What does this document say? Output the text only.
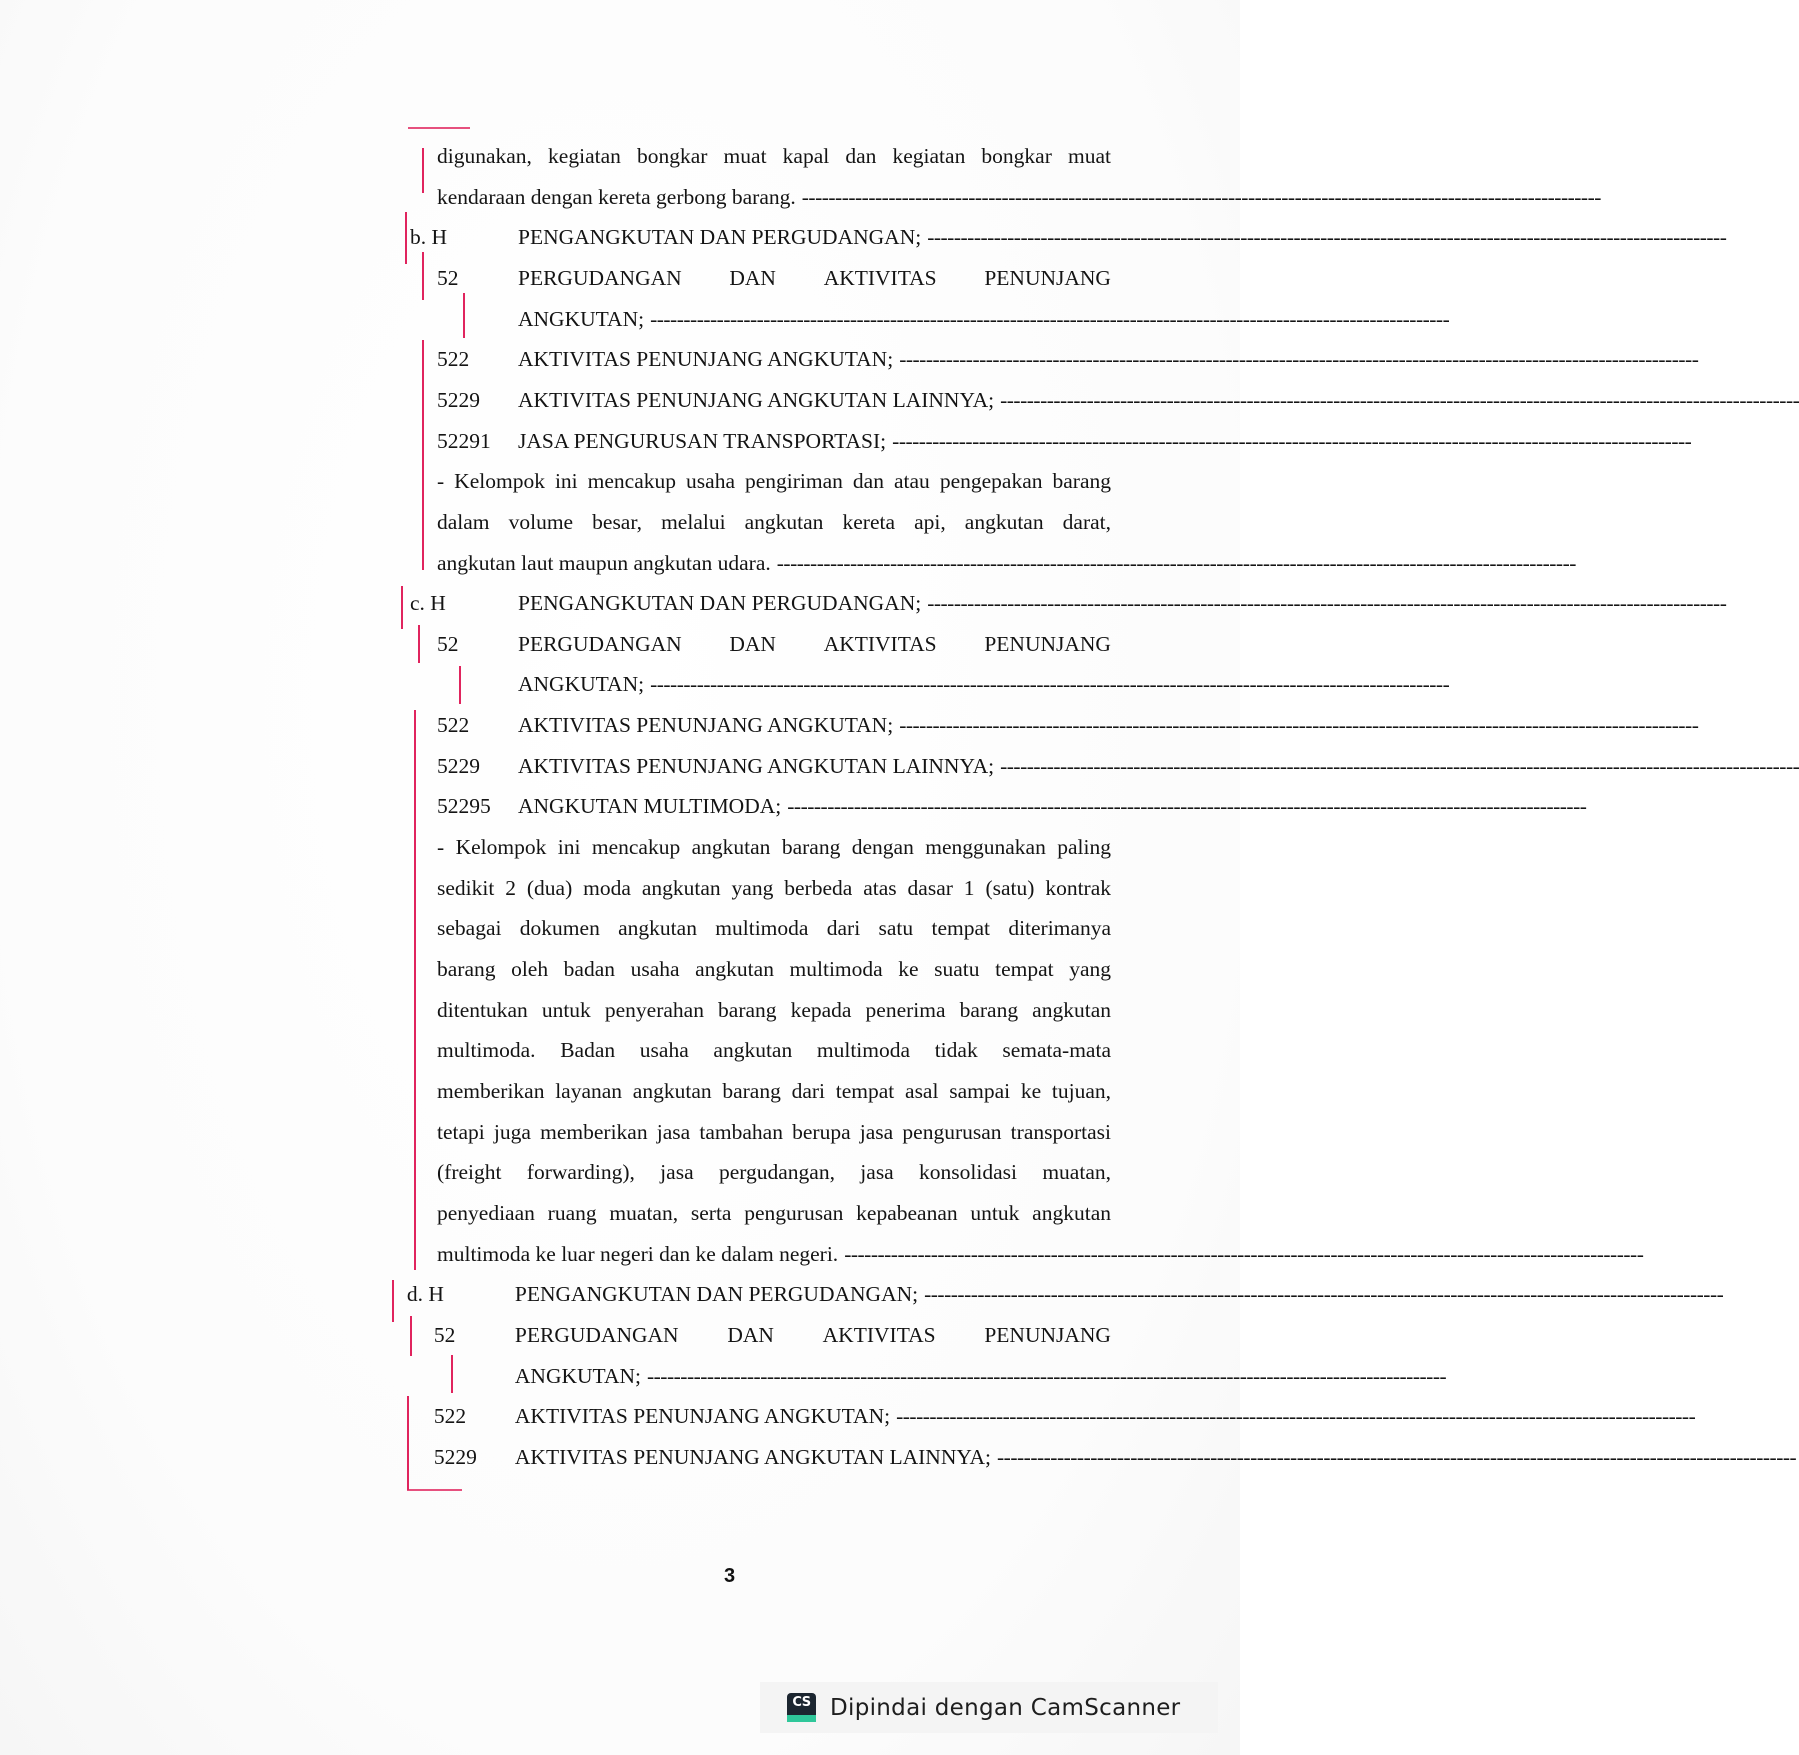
digunakan, kegiatan bongkar muat kapal dan kegiatan bongkar muat
kendaraan dengan kereta gerbong barang. ------------------------------------------------------------------------------------------------------------------------
b. H	PENGANGKUTAN DAN PERGUDANGAN; ------------------------------------------------------------------------------------------------------------------------
52	PERGUDANGAN DAN AKTIVITAS PENUNJANG
ANGKUTAN; ------------------------------------------------------------------------------------------------------------------------
522 AKTIVITAS PENUNJANG ANGKUTAN; ------------------------------------------------------------------------------------------------------------------------
5229 AKTIVITAS PENUNJANG ANGKUTAN LAINNYA; ------------------------------------------------------------------------------------------------------------------------
52291 JASA PENGURUSAN TRANSPORTASI; ------------------------------------------------------------------------------------------------------------------------
- Kelompok ini mencakup usaha pengiriman dan atau pengepakan barang
dalam volume besar, melalui angkutan kereta api, angkutan darat,
angkutan laut maupun angkutan udara. ------------------------------------------------------------------------------------------------------------------------
c. H	PENGANGKUTAN DAN PERGUDANGAN; ------------------------------------------------------------------------------------------------------------------------
52	PERGUDANGAN DAN AKTIVITAS PENUNJANG
ANGKUTAN; ------------------------------------------------------------------------------------------------------------------------
522 AKTIVITAS PENUNJANG ANGKUTAN; ------------------------------------------------------------------------------------------------------------------------
5229 AKTIVITAS PENUNJANG ANGKUTAN LAINNYA; ------------------------------------------------------------------------------------------------------------------------
52295 ANGKUTAN MULTIMODA; ------------------------------------------------------------------------------------------------------------------------
- Kelompok ini mencakup angkutan barang dengan menggunakan paling
sedikit 2 (dua) moda angkutan yang berbeda atas dasar 1 (satu) kontrak
sebagai dokumen angkutan multimoda dari satu tempat diterimanya
barang oleh badan usaha angkutan multimoda ke suatu tempat yang
ditentukan untuk penyerahan barang kepada penerima barang angkutan
multimoda. Badan usaha angkutan multimoda tidak semata-mata
memberikan layanan angkutan barang dari tempat asal sampai ke tujuan,
tetapi juga memberikan jasa tambahan berupa jasa pengurusan transportasi
(freight forwarding), jasa pergudangan, jasa konsolidasi muatan,
penyediaan ruang muatan, serta pengurusan kepabeanan untuk angkutan
multimoda ke luar negeri dan ke dalam negeri. ------------------------------------------------------------------------------------------------------------------------
d. H	PENGANGKUTAN DAN PERGUDANGAN; ------------------------------------------------------------------------------------------------------------------------
52	PERGUDANGAN DAN AKTIVITAS PENUNJANG
ANGKUTAN; ------------------------------------------------------------------------------------------------------------------------
522 AKTIVITAS PENUNJANG ANGKUTAN; ------------------------------------------------------------------------------------------------------------------------
5229 AKTIVITAS PENUNJANG ANGKUTAN LAINNYA; ------------------------------------------------------------------------------------------------------------------------
3
CS Dipindai dengan CamScanner
